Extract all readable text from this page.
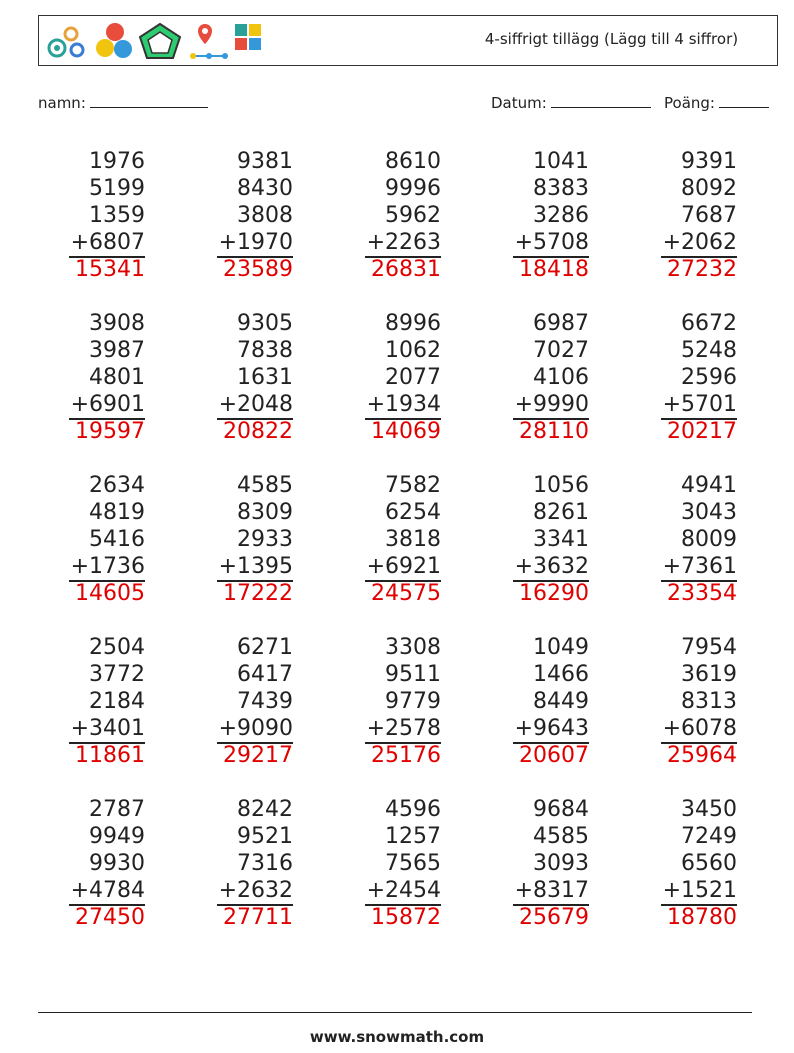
4-siffrigt tillägg (Lägg till 4 siffror)
namn:	Datum:	Poäng:
1976
5199
1359
+6807
15341
9381
8430
3808
+1970
23589
8610
9996
5962
+2263
26831
1041
8383
3286
+5708
18418
9391
8092
7687
+2062
27232
3908
3987
4801
+6901
19597
9305
7838
1631
+2048
20822
8996
1062
2077
+1934
14069
6987
7027
4106
+9990
28110
6672
5248
2596
+5701
20217
2634
4819
5416
+1736
14605
4585
8309
2933
+1395
17222
7582
6254
3818
+6921
24575
1056
8261
3341
+3632
16290
4941
3043
8009
+7361
23354
2504
3772
2184
+3401
11861
6271
6417
7439
+9090
29217
3308
9511
9779
+2578
25176
1049
1466
8449
+9643
20607
7954
3619
8313
+6078
25964
2787
9949
9930
+4784
27450
8242
9521
7316
+2632
27711
4596
1257
7565
+2454
15872
9684
4585
3093
+8317
25679
3450
7249
6560
+1521
18780
www.snowmath.com
